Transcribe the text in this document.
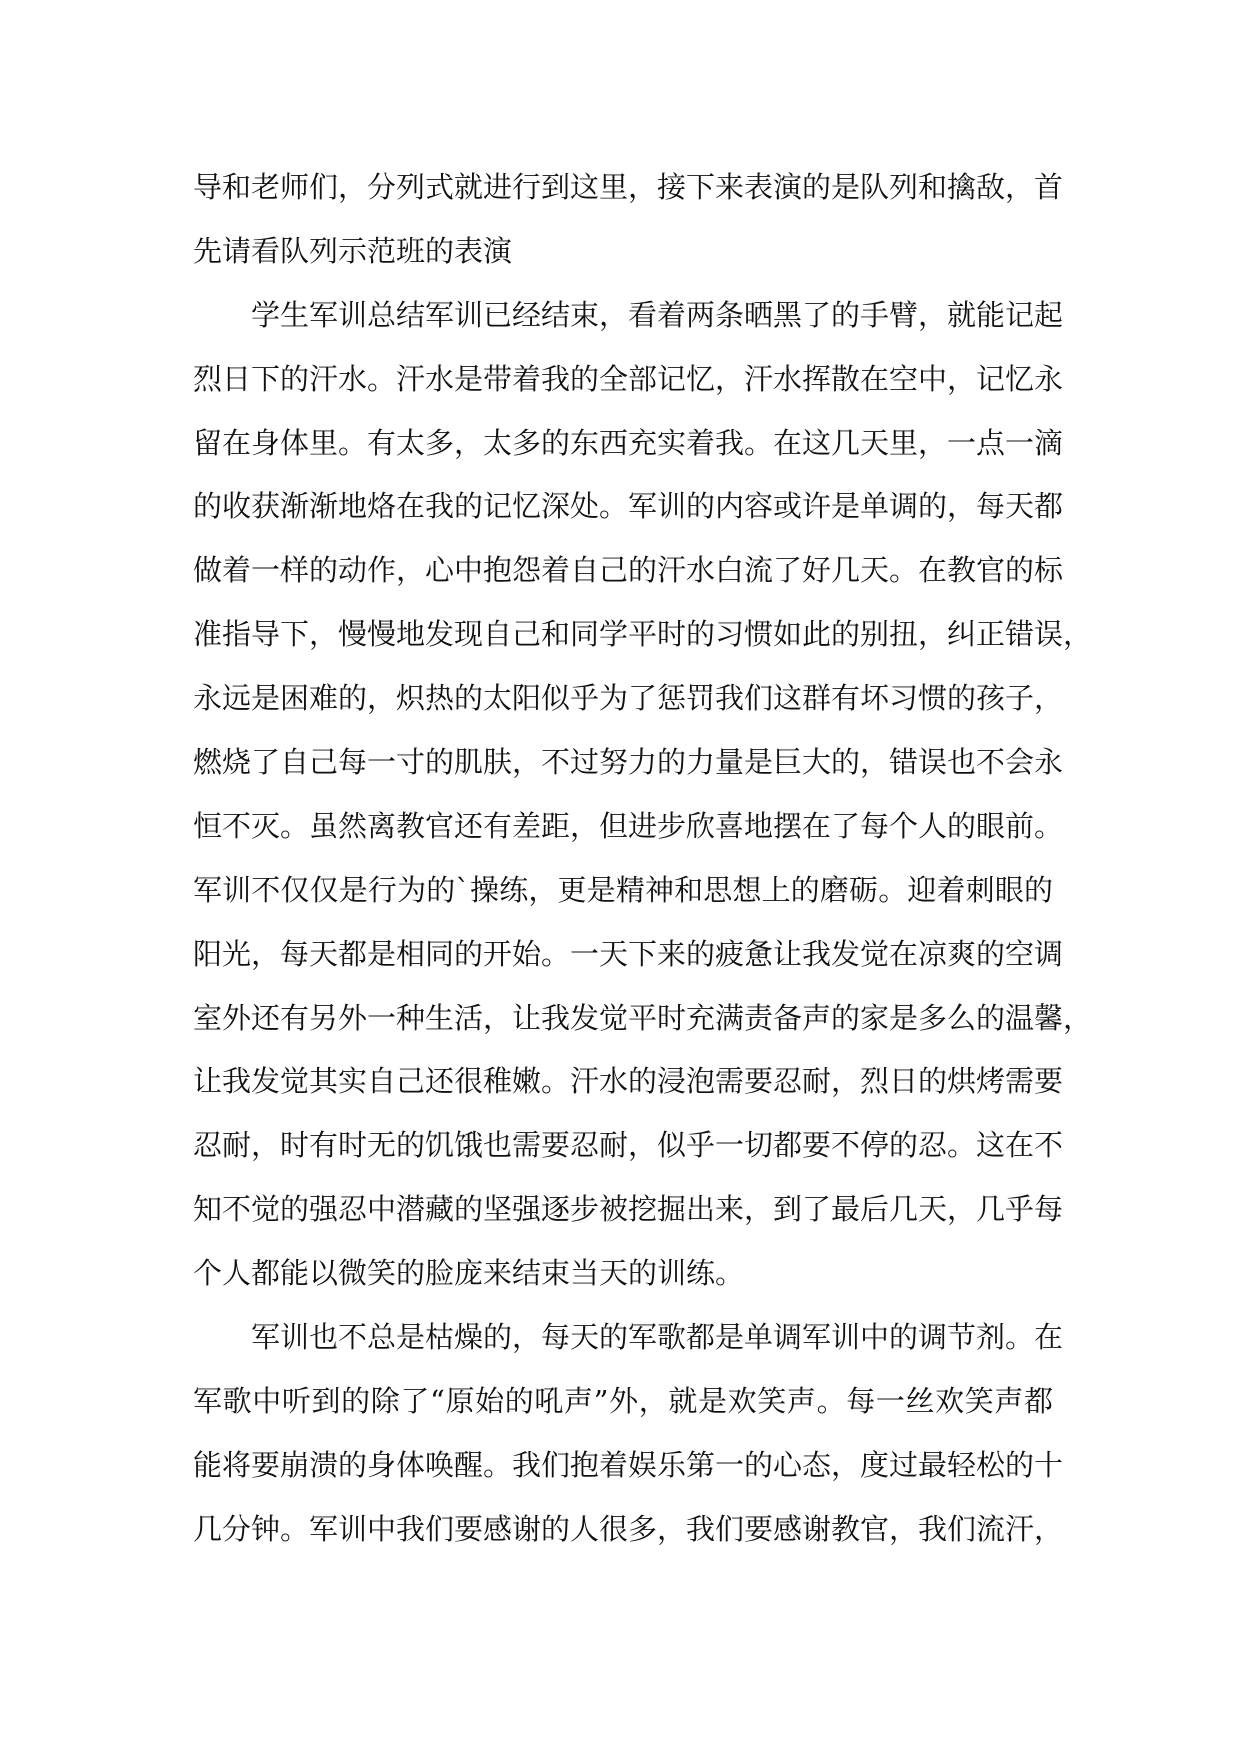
导和老师们，分列式就进行到这里，接下来表演的是队列和擒敌，首
先请看队列示范班的表演
学生军训总结军训已经结束，看着两条晒黑了的手臂，就能记起
烈日下的汗水。汗水是带着我的全部记忆，汗水挥散在空中，记忆永
留在身体里。有太多，太多的东西充实着我。在这几天里，一点一滴
的收获渐渐地烙在我的记忆深处。军训的内容或许是单调的，每天都
做着一样的动作，心中抱怨着自己的汗水白流了好几天。在教官的标
准指导下，慢慢地发现自己和同学平时的习惯如此的别扭，纠正错误，
永远是困难的，炽热的太阳似乎为了惩罚我们这群有坏习惯的孩子，
燃烧了自己每一寸的肌肤，不过努力的力量是巨大的，错误也不会永
恒不灭。虽然离教官还有差距，但进步欣喜地摆在了每个人的眼前。
军训不仅仅是行为的`操练，更是精神和思想上的磨砺。迎着刺眼的
阳光，每天都是相同的开始。一天下来的疲惫让我发觉在凉爽的空调
室外还有另外一种生活，让我发觉平时充满责备声的家是多么的温馨，
让我发觉其实自己还很稚嫩。汗水的浸泡需要忍耐，烈日的烘烤需要
忍耐，时有时无的饥饿也需要忍耐，似乎一切都要不停的忍。这在不
知不觉的强忍中潜藏的坚强逐步被挖掘出来，到了最后几天，几乎每
个人都能以微笑的脸庞来结束当天的训练。
军训也不总是枯燥的，每天的军歌都是单调军训中的调节剂。在
军歌中听到的除了“原始的吼声”外，就是欢笑声。每一丝欢笑声都
能将要崩溃的身体唤醒。我们抱着娱乐第一的心态，度过最轻松的十
几分钟。军训中我们要感谢的人很多，我们要感谢教官，我们流汗，
